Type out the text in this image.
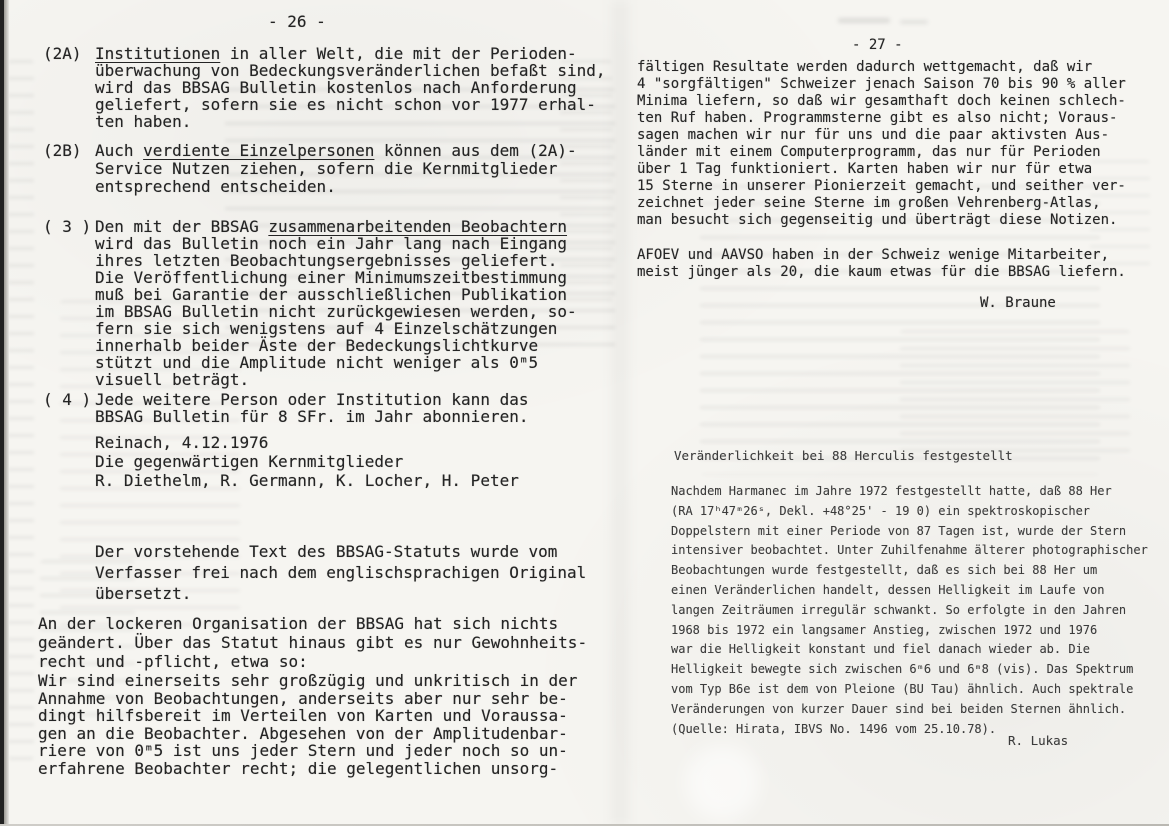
- 26 -
(2A) Institutionen in aller Welt, die mit der Perioden-
überwachung von Bedeckungsveränderlichen befaßt sind,
wird das BBSAG Bulletin kostenlos nach Anforderung
geliefert, sofern sie es nicht schon vor 1977 erhal-
ten haben.
(2B) Auch verdiente Einzelpersonen können aus dem (2A)-
Service Nutzen ziehen, sofern die Kernmitglieder
entsprechend entscheiden.
( 3 ) Den mit der BBSAG zusammenarbeitenden Beobachtern
wird das Bulletin noch ein Jahr lang nach Eingang
ihres letzten Beobachtungsergebnisses geliefert.
Die Veröffentlichung einer Minimumszeitbestimmung
muß bei Garantie der ausschließlichen Publikation
im BBSAG Bulletin nicht zurückgewiesen werden, so-
fern sie sich wenigstens auf 4 Einzelschätzungen
innerhalb beider Äste der Bedeckungslichtkurve
stützt und die Amplitude nicht weniger als 0ᵐ5
visuell beträgt.
( 4 ) Jede weitere Person oder Institution kann das
BBSAG Bulletin für 8 SFr. im Jahr abonnieren.
Reinach, 4.12.1976
Die gegenwärtigen Kernmitglieder
R. Diethelm, R. Germann, K. Locher, H. Peter
Der vorstehende Text des BBSAG-Statuts wurde vom
Verfasser frei nach dem englischsprachigen Original
übersetzt.
An der lockeren Organisation der BBSAG hat sich nichts
geändert. Über das Statut hinaus gibt es nur Gewohnheits-
recht und -pflicht, etwa so:
Wir sind einerseits sehr großzügig und unkritisch in der
Annahme von Beobachtungen, anderseits aber nur sehr be-
dingt hilfsbereit im Verteilen von Karten und Voraussa-
gen an die Beobachter. Abgesehen von der Amplitudenbar-
riere von 0ᵐ5 ist uns jeder Stern und jeder noch so un-
erfahrene Beobachter recht; die gelegentlichen unsorg-
- 27 -
fältigen Resultate werden dadurch wettgemacht, daß wir
4 "sorgfältigen" Schweizer jenach Saison 70 bis 90 % aller
Minima liefern, so daß wir gesamthaft doch keinen schlech-
ten Ruf haben. Programmsterne gibt es also nicht; Voraus-
sagen machen wir nur für uns und die paar aktivsten Aus-
länder mit einem Computerprogramm, das nur für Perioden
über 1 Tag funktioniert. Karten haben wir nur für etwa
15 Sterne in unserer Pionierzeit gemacht, und seither ver-
zeichnet jeder seine Sterne im großen Vehrenberg-Atlas,
man besucht sich gegenseitig und überträgt diese Notizen.
AFOEV und AAVSO haben in der Schweiz wenige Mitarbeiter,
meist jünger als 20, die kaum etwas für die BBSAG liefern.
W. Braune
Veränderlichkeit bei 88 Herculis festgestellt
Nachdem Harmanec im Jahre 1972 festgestellt hatte, daß 88 Her
(RA 17ʰ47ᵐ26ˢ, Dekl. +48°25' - 19 0) ein spektroskopischer
Doppelstern mit einer Periode von 87 Tagen ist, wurde der Stern
intensiver beobachtet. Unter Zuhilfenahme älterer photographischer
Beobachtungen wurde festgestellt, daß es sich bei 88 Her um
einen Veränderlichen handelt, dessen Helligkeit im Laufe von
langen Zeiträumen irregulär schwankt. So erfolgte in den Jahren
1968 bis 1972 ein langsamer Anstieg, zwischen 1972 und 1976
war die Helligkeit konstant und fiel danach wieder ab. Die
Helligkeit bewegte sich zwischen 6ᵐ6 und 6ᵐ8 (vis). Das Spektrum
vom Typ B6e ist dem von Pleione (BU Tau) ähnlich. Auch spektrale
Veränderungen von kurzer Dauer sind bei beiden Sternen ähnlich.
(Quelle: Hirata, IBVS No. 1496 vom 25.10.78).
R. Lukas
